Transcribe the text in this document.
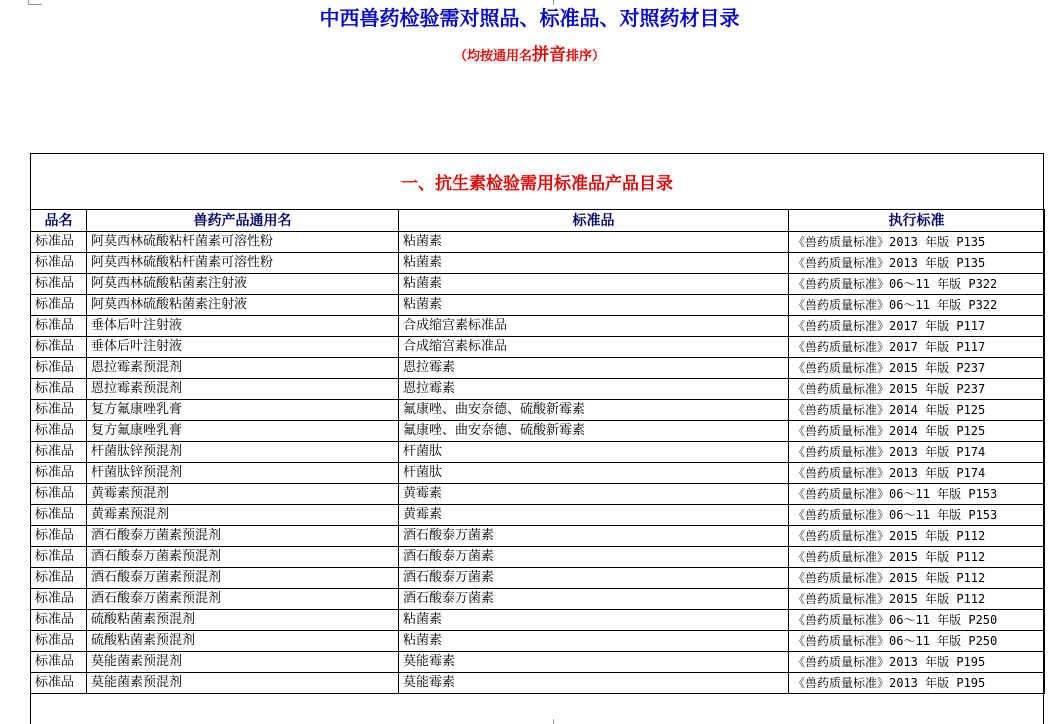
中西兽药检验需对照品、标准品、对照药材目录
（均按通用名拼音排序）
一、抗生素检验需用标准品产品目录
品名	兽药产品通用名	标准品	执行标准
标准品	阿莫西林硫酸粘杆菌素可溶性粉	粘菌素	《兽药质量标准》2013 年版 P135
标准品	阿莫西林硫酸粘杆菌素可溶性粉	粘菌素	《兽药质量标准》2013 年版 P135
标准品	阿莫西林硫酸粘菌素注射液	粘菌素	《兽药质量标准》06～11 年版 P322
标准品	阿莫西林硫酸粘菌素注射液	粘菌素	《兽药质量标准》06～11 年版 P322
标准品	垂体后叶注射液	合成缩宫素标准品	《兽药质量标准》2017 年版 P117
标准品	垂体后叶注射液	合成缩宫素标准品	《兽药质量标准》2017 年版 P117
标准品	恩拉霉素预混剂	恩拉霉素	《兽药质量标准》2015 年版 P237
标准品	恩拉霉素预混剂	恩拉霉素	《兽药质量标准》2015 年版 P237
标准品	复方氟康唑乳膏	氟康唑、曲安奈德、硫酸新霉素	《兽药质量标准》2014 年版 P125
标准品	复方氟康唑乳膏	氟康唑、曲安奈德、硫酸新霉素	《兽药质量标准》2014 年版 P125
标准品	杆菌肽锌预混剂	杆菌肽	《兽药质量标准》2013 年版 P174
标准品	杆菌肽锌预混剂	杆菌肽	《兽药质量标准》2013 年版 P174
标准品	黄霉素预混剂	黄霉素	《兽药质量标准》06～11 年版 P153
标准品	黄霉素预混剂	黄霉素	《兽药质量标准》06～11 年版 P153
标准品	酒石酸泰万菌素预混剂	酒石酸泰万菌素	《兽药质量标准》2015 年版 P112
标准品	酒石酸泰万菌素预混剂	酒石酸泰万菌素	《兽药质量标准》2015 年版 P112
标准品	酒石酸泰万菌素预混剂	酒石酸泰万菌素	《兽药质量标准》2015 年版 P112
标准品	酒石酸泰万菌素预混剂	酒石酸泰万菌素	《兽药质量标准》2015 年版 P112
标准品	硫酸粘菌素预混剂	粘菌素	《兽药质量标准》06～11 年版 P250
标准品	硫酸粘菌素预混剂	粘菌素	《兽药质量标准》06～11 年版 P250
标准品	莫能菌素预混剂	莫能霉素	《兽药质量标准》2013 年版 P195
标准品	莫能菌素预混剂	莫能霉素	《兽药质量标准》2013 年版 P195
